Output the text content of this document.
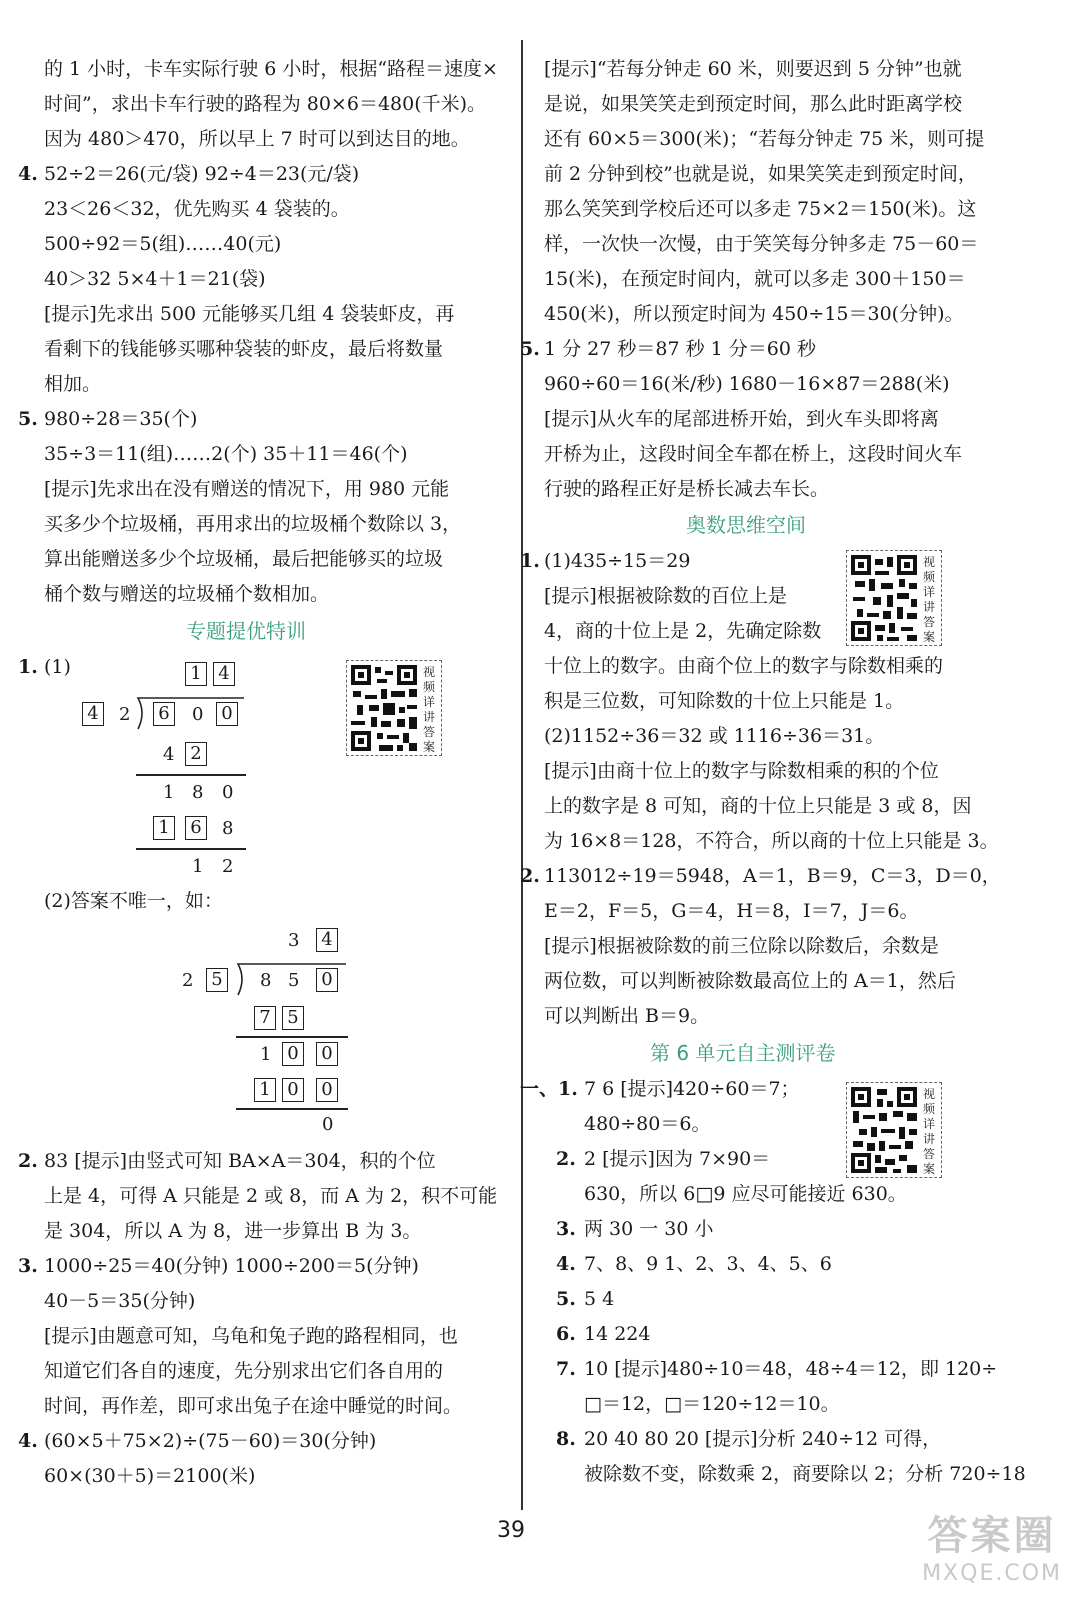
的 1 小时，卡车实际行驶 6 小时，根据“路程＝速度×
时间”，求出卡车行驶的路程为 80×6＝480(千米)。
因为 480＞470，所以早上 7 时可以到达目的地。
4. 52÷2＝26(元/袋) 92÷4＝23(元/袋)
23＜26＜32，优先购买 4 袋装的。
500÷92＝5(组)……40(元)
40＞32 5×4＋1＝21(袋)
[提示]先求出 500 元能够买几组 4 袋装虾皮，再
看剩下的钱能够买哪种袋装的虾皮，最后将数量
相加。
5. 980÷28＝35(个)
35÷3＝11(组)……2(个) 35＋11＝46(个)
[提示]先求出在没有赠送的情况下，用 980 元能
买多少个垃圾桶，再用求出的垃圾桶个数除以 3，
算出能赠送多少个垃圾桶，最后把能够买的垃圾
桶个数与赠送的垃圾桶个数相加。
专题提优特训
1. (1)	1 4
4 2 6 0 0
4 2
1 8 0
1 6 8
1 2
视频详讲答案
(2)答案不唯一，如：
3 4
2 5 8 5 0
7 5
1 0 0
1 0 0
0
2. 83 [提示]由竖式可知 BA×A＝304，积的个位
上是 4，可得 A 只能是 2 或 8，而 A 为 2，积不可能
是 304，所以 A 为 8，进一步算出 B 为 3。
3. 1000÷25＝40(分钟) 1000÷200＝5(分钟)
40－5＝35(分钟)
[提示]由题意可知，乌龟和兔子跑的路程相同，也
知道它们各自的速度，先分别求出它们各自用的
时间，再作差，即可求出兔子在途中睡觉的时间。
4. (60×5＋75×2)÷(75－60)＝30(分钟)
60×(30＋5)＝2100(米)
[提示]“若每分钟走 60 米，则要迟到 5 分钟”也就
是说，如果笑笑走到预定时间，那么此时距离学校
还有 60×5＝300(米)；“若每分钟走 75 米，则可提
前 2 分钟到校”也就是说，如果笑笑走到预定时间，
那么笑笑到学校后还可以多走 75×2＝150(米)。这
样，一次快一次慢，由于笑笑每分钟多走 75－60＝
15(米)，在预定时间内，就可以多走 300＋150＝
450(米)，所以预定时间为 450÷15＝30(分钟)。
5. 1 分 27 秒＝87 秒 1 分＝60 秒
960÷60＝16(米/秒) 1680－16×87＝288(米)
[提示]从火车的尾部进桥开始，到火车头即将离
开桥为止，这段时间全车都在桥上，这段时间火车
行驶的路程正好是桥长减去车长。
奥数思维空间
1. (1)435÷15＝29
[提示]根据被除数的百位上是
4，商的十位上是 2，先确定除数
十位上的数字。由商个位上的数字与除数相乘的
积是三位数，可知除数的十位上只能是 1。
(2)1152÷36＝32 或 1116÷36＝31。
[提示]由商十位上的数字与除数相乘的积的个位
上的数字是 8 可知，商的十位上只能是 3 或 8，因
为 16×8＝128，不符合，所以商的十位上只能是 3。
视频详讲答案
2. 113012÷19＝5948，A＝1，B＝9，C＝3，D＝0，
E＝2，F＝5，G＝4，H＝8，I＝7，J＝6。
[提示]根据被除数的前三位除以除数后，余数是
两位数，可以判断被除数最高位上的 A＝1，然后
可以判断出 B＝9。
第 6 单元自主测评卷
一、1. 7 6 [提示]420÷60＝7；
480÷80＝6。
视频详讲答案
2. 2 [提示]因为 7×90＝
630，所以 6□9 应尽可能接近 630。
3. 两 30 一 30 小
4. 7、8、9 1、2、3、4、5、6
5. 5 4
6. 14 224
7. 10 [提示]480÷10＝48，48÷4＝12，即 120÷
□＝12，□＝120÷12＝10。
8. 20 40 80 20 [提示]分析 240÷12 可得，
被除数不变，除数乘 2，商要除以 2；分析 720÷18
39	答案圈
MXQE.COM
